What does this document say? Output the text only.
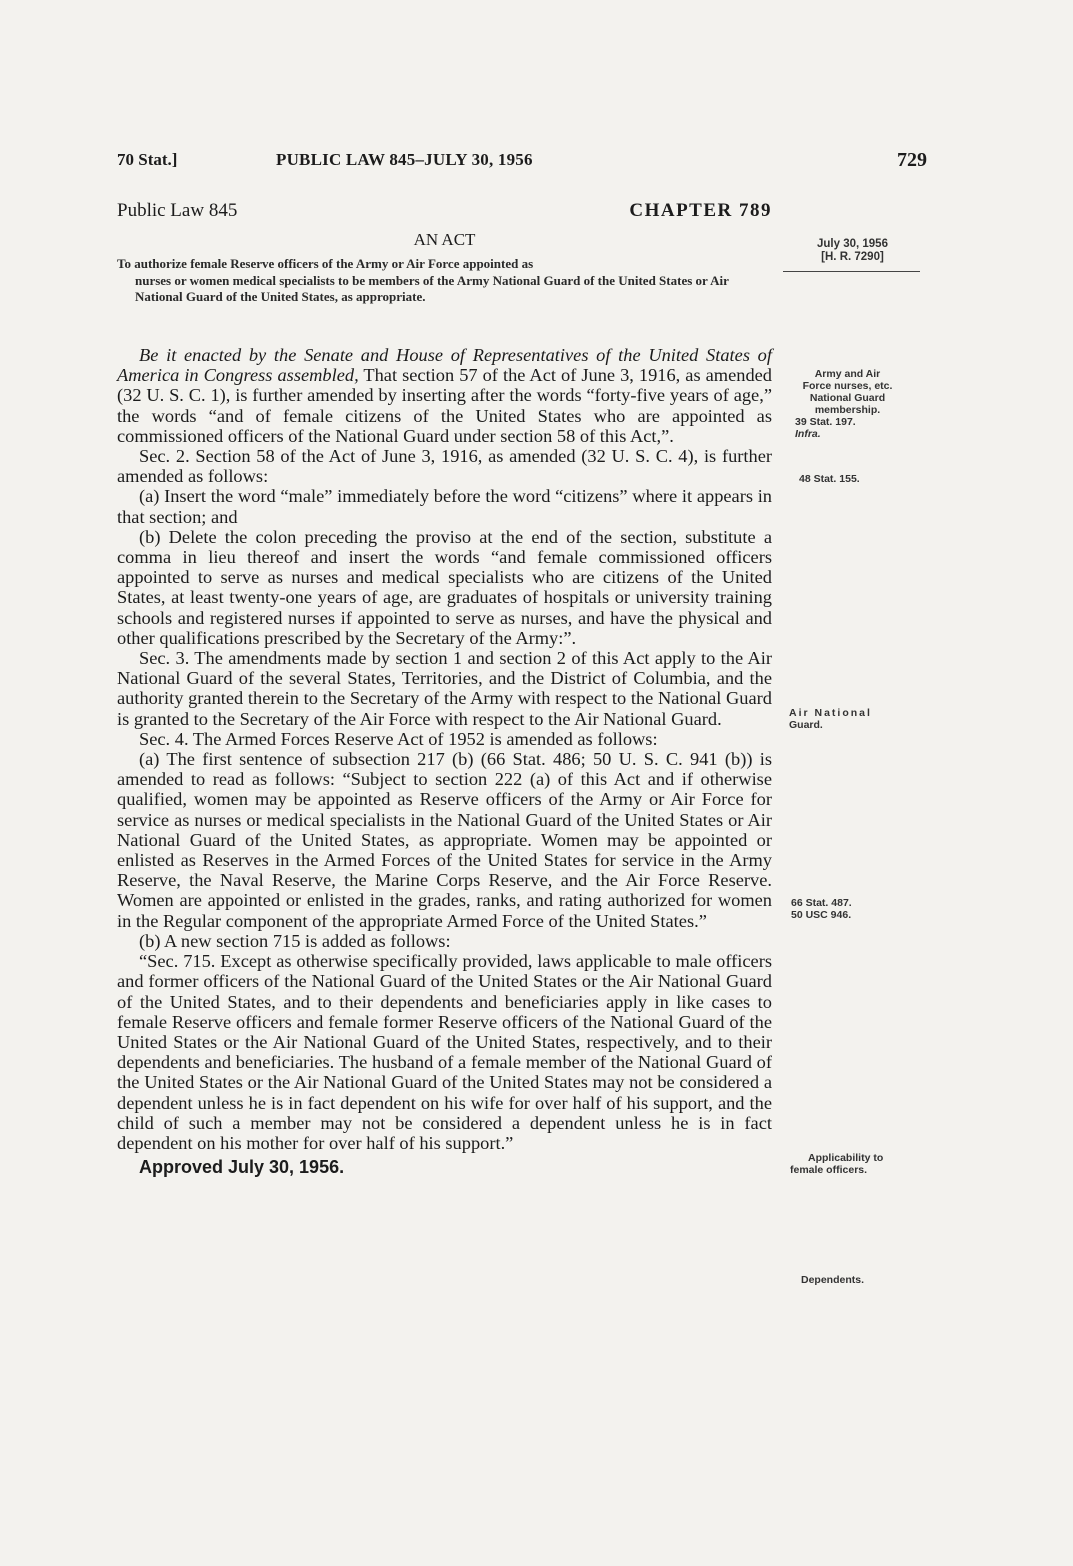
70 Stat.]	PUBLIC LAW 845–JULY 30, 1956	729
Public Law 845	CHAPTER 789
AN ACT
To authorize female Reserve officers of the Army or Air Force appointed as
nurses or women medical specialists to be members of the Army National Guard of the United States or Air National Guard of the United States, as appropriate.

Be it enacted by the Senate and House of Representatives of the United States of America in Congress assembled, That section 57 of the Act of June 3, 1916, as amended (32 U. S. C. 1), is further amended by inserting after the words “forty-five years of age,” the words “and of female citizens of the United States who are appointed as commissioned officers of the National Guard under section 58 of this Act,”.

Sec. 2. Section 58 of the Act of June 3, 1916, as amended (32 U. S. C. 4), is further amended as follows:

(a) Insert the word “male” immediately before the word “citizens” where it appears in that section; and

(b) Delete the colon preceding the proviso at the end of the section, substitute a comma in lieu thereof and insert the words “and female commissioned officers appointed to serve as nurses and medical specialists who are citizens of the United States, at least twenty-one years of age, are graduates of hospitals or university training schools and registered nurses if appointed to serve as nurses, and have the physical and other qualifications prescribed by the Secretary of the Army:”.

Sec. 3. The amendments made by section 1 and section 2 of this Act apply to the Air National Guard of the several States, Territories, and the District of Columbia, and the authority granted therein to the Secretary of the Army with respect to the National Guard is granted to the Secretary of the Air Force with respect to the Air National Guard.

Sec. 4. The Armed Forces Reserve Act of 1952 is amended as follows:

(a) The first sentence of subsection 217 (b) (66 Stat. 486; 50 U. S. C. 941 (b)) is amended to read as follows: “Subject to section 222 (a) of this Act and if otherwise qualified, women may be appointed as Reserve officers of the Army or Air Force for service as nurses or medical specialists in the National Guard of the United States or Air National Guard of the United States, as appropriate. Women may be appointed or enlisted as Reserves in the Armed Forces of the United States for service in the Army Reserve, the Naval Reserve, the Marine Corps Reserve, and the Air Force Reserve. Women are appointed or enlisted in the grades, ranks, and rating authorized for women in the Regular component of the appropriate Armed Force of the United States.”

(b) A new section 715 is added as follows:

“Sec. 715. Except as otherwise specifically provided, laws applicable to male officers and former officers of the National Guard of the United States or the Air National Guard of the United States, and to their dependents and beneficiaries apply in like cases to female Reserve officers and female former Reserve officers of the National Guard of the United States or the Air National Guard of the United States, respectively, and to their dependents and beneficiaries. The husband of a female member of the National Guard of the United States or the Air National Guard of the United States may not be considered a dependent unless he is in fact dependent on his wife for over half of his support, and the child of such a member may not be considered a dependent unless he is in fact dependent on his mother for over half of his support.”

Approved July 30, 1956.
July 30, 1956
[H. R. 7290]
Army and Air
Force nurses, etc.
National Guard
membership.
39 Stat. 197.
Infra.
48 Stat. 155.
Air National
Guard.
66 Stat. 487.
50 USC 946.
Applicability to
female officers.
Dependents.
